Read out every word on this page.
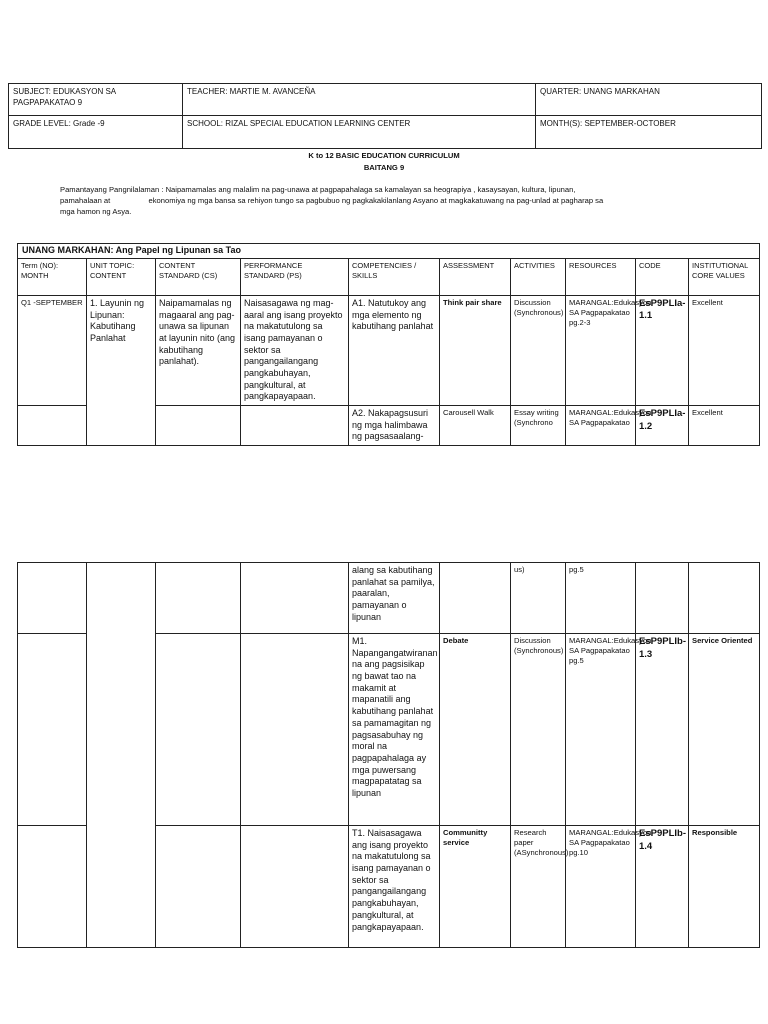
SUBJECT: EDUKASYON SA PAGPAPAKATAO 9	TEACHER: MARTIE M. AVANCEÑA	QUARTER: UNANG MARKAHAN
GRADE LEVEL: Grade -9	SCHOOL: RIZAL SPECIAL EDUCATION LEARNING CENTER	MONTH(S): SEPTEMBER-OCTOBER
K to 12 BASIC EDUCATION CURRICULUM
BAITANG 9
Pamantayang Pangnilalaman : Naipamamalas ang malalim na pag-unawa at pagpapahalaga sa kamalayan sa heograpiya , kasaysayan, kultura, lipunan,
pamahalaan at	ekonomiya ng mga bansa sa rehiyon tungo sa pagbubuo ng pagkakakilanlang Asyano at magkakatuwang na pag-unlad at pagharap sa
mga hamon ng Asya.
UNANG MARKAHAN: Ang Papel ng Lipunan sa Tao									
Term (NO): MONTH	UNIT TOPIC: CONTENT	CONTENT STANDARD (CS)	PERFORMANCE STANDARD (PS)	COMPETENCIES / SKILLS	ASSESSMENT	ACTIVITIES	RESOURCES	CODE	INSTITUTIONAL CORE VALUES
Q1 -SEPTEMBER	1. Layunin ng Lipunan: Kabutihang Panlahat	Naipamamalas ng magaaral ang pag-unawa sa lipunan at layunin nito (ang kabutihang panlahat).	Naisasagawa ng mag-aaral ang isang proyekto na makatutulong sa isang pamayanan o sektor sa pangangailangang pangkabuhayan, pangkultural, at pangkapayapaan.	A1. Natutukoy ang mga elemento ng kabutihang panlahat	Think pair share	Discussion (Synchronous)	MARANGAL:Edukasyon SA Pagpapakatao pg.2-3	EsP9PLIa-1.1	Excellent
				A2. Nakapagsusuri ng mga halimbawa ng pagsasaalang-	Carousell Walk	Essay writing (Synchrono	MARANGAL:Edukasyon SA Pagpapakatao	EsP9PLIa-1.2	Excellent
				alang sa kabutihang panlahat sa pamilya, paaralan, pamayanan o lipunan		us)	pg.5		
				M1. Napangangatwiranan na ang pagsisikap ng bawat tao na makamit at mapanatili ang kabutihang panlahat sa pamamagitan ng pagsasabuhay ng moral na pagpapahalaga ay mga puwersang magpapatatag sa lipunan	Debate	Discussion (Synchronous)	MARANGAL:Edukasyon SA Pagpapakatao pg.5	EsP9PLIb-1.3	Service Oriented
				T1. Naisasagawa ang isang proyekto na makatutulong sa isang pamayanan o sektor sa pangangailangang pangkabuhayan, pangkultural, at pangkapayapaan.	Communitty service	Research paper (ASynchronous)	MARANGAL:Edukasyon SA Pagpapakatao pg.10	EsP9PLIb-1.4	Responsible
